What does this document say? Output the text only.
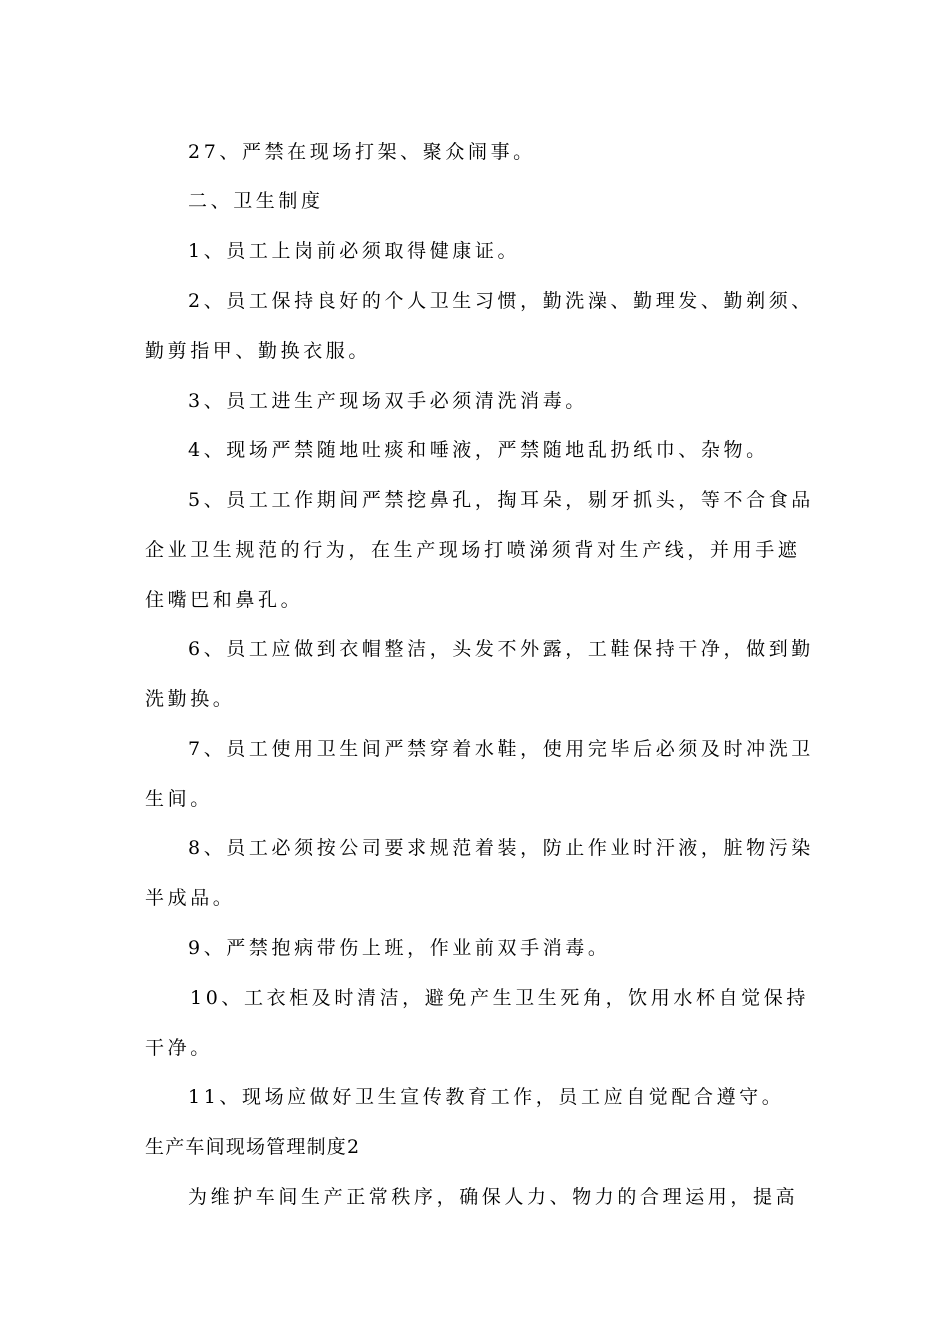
27、严禁在现场打架、聚众闹事。
二、卫生制度
1、员工上岗前必须取得健康证。
2、员工保持良好的个人卫生习惯，勤洗澡、勤理发、勤剃须、
勤剪指甲、勤换衣服。
3、员工进生产现场双手必须清洗消毒。
4、现场严禁随地吐痰和唾液，严禁随地乱扔纸巾、杂物。
5、员工工作期间严禁挖鼻孔，掏耳朵，剔牙抓头，等不合食品
企业卫生规范的行为，在生产现场打喷涕须背对生产线，并用手遮
住嘴巴和鼻孔。
6、员工应做到衣帽整洁，头发不外露，工鞋保持干净，做到勤
洗勤换。
7、员工使用卫生间严禁穿着水鞋，使用完毕后必须及时冲洗卫
生间。
8、员工必须按公司要求规范着装，防止作业时汗液，脏物污染
半成品。
9、严禁抱病带伤上班，作业前双手消毒。
10、工衣柜及时清洁，避免产生卫生死角，饮用水杯自觉保持
干净。
11、现场应做好卫生宣传教育工作，员工应自觉配合遵守。
生产车间现场管理制度2
为维护车间生产正常秩序，确保人力、物力的合理运用，提高
